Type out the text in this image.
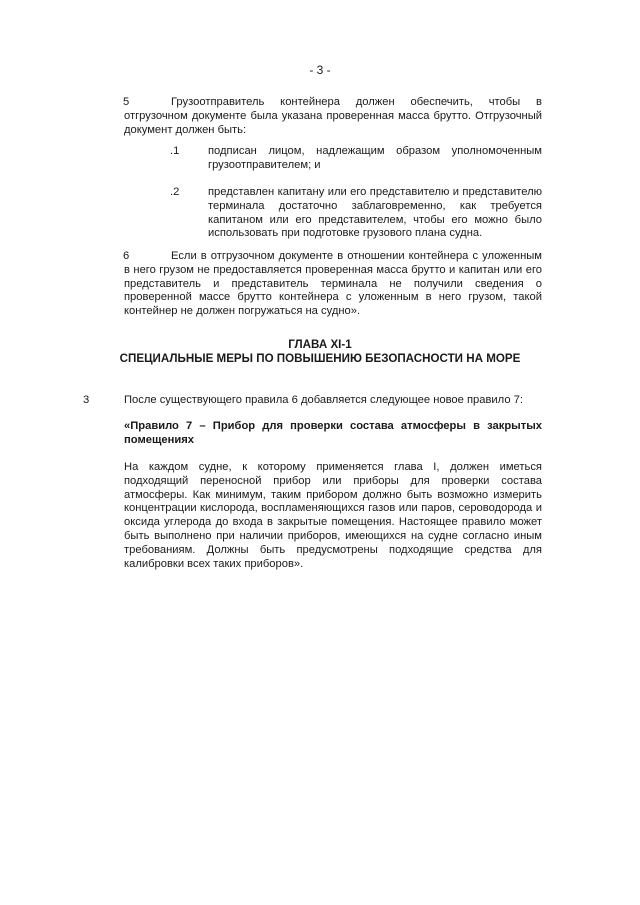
- 3 -
5	Грузоотправитель контейнера должен обеспечить, чтобы в отгрузочном документе была указана проверенная масса брутто. Отгрузочный документ должен быть:
.1	подписан лицом, надлежащим образом уполномоченным грузоотправителем; и
.2	представлен капитану или его представителю и представителю терминала достаточно заблаговременно, как требуется капитаном или его представителем, чтобы его можно было использовать при подготовке грузового плана судна.
6	Если в отгрузочном документе в отношении контейнера с уложенным в него грузом не предоставляется проверенная масса брутто и капитан или его представитель и представитель терминала не получили сведения о проверенной массе брутто контейнера с уложенным в него грузом, такой контейнер не должен погружаться на судно».
ГЛАВА XI-1
СПЕЦИАЛЬНЫЕ МЕРЫ ПО ПОВЫШЕНИЮ БЕЗОПАСНОСТИ НА МОРЕ
3	После существующего правила 6 добавляется следующее новое правило 7:
«Правило 7 – Прибор для проверки состава атмосферы в закрытых помещениях
На каждом судне, к которому применяется глава I, должен иметься подходящий переносной прибор или приборы для проверки состава атмосферы. Как минимум, таким прибором должно быть возможно измерить концентрации кислорода, воспламеняющихся газов или паров, сероводорода и оксида углерода до входа в закрытые помещения. Настоящее правило может быть выполнено при наличии приборов, имеющихся на судне согласно иным требованиям. Должны быть предусмотрены подходящие средства для калибровки всех таких приборов».
